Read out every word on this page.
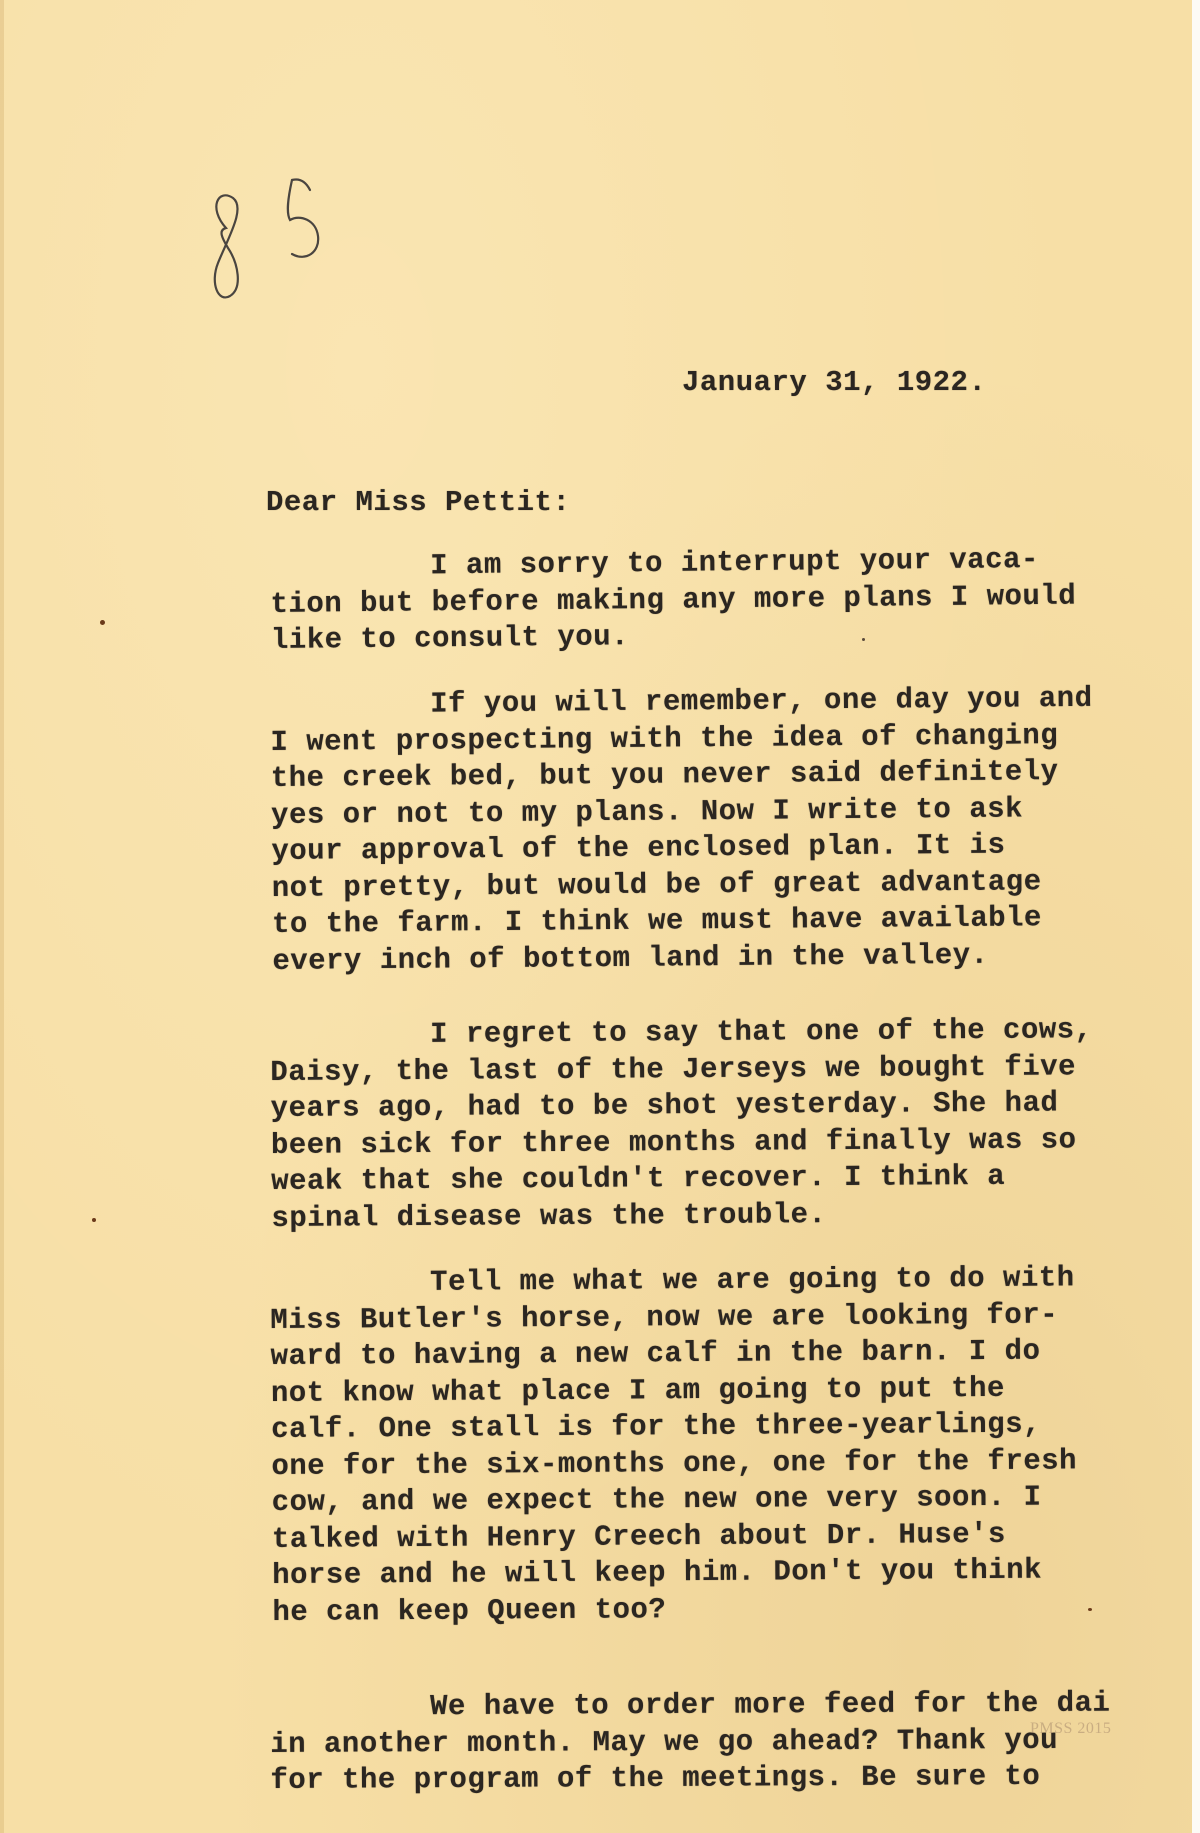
January 31, 1922.
Dear Miss Pettit:
I am sorry to interrupt your vaca-
tion but before making any more plans I would
like to consult you.
If you will remember, one day you and
I went prospecting with the idea of changing
the creek bed, but you never said definitely
yes or not to my plans. Now I write to ask
your approval of the enclosed plan. It is
not pretty, but would be of great advantage
to the farm. I think we must have available
every inch of bottom land in the valley.
I regret to say that one of the cows,
Daisy, the last of the Jerseys we bought five
years ago, had to be shot yesterday. She had
been sick for three months and finally was so
weak that she couldn't recover. I think a
spinal disease was the trouble.
Tell me what we are going to do with
Miss Butler's horse, now we are looking for-
ward to having a new calf in the barn. I do
not know what place I am going to put the
calf. One stall is for the three-yearlings,
one for the six-months one, one for the fresh
cow, and we expect the new one very soon. I
talked with Henry Creech about Dr. Huse's
horse and he will keep him. Don't you think
he can keep Queen too?
We have to order more feed for the dai
in another month. May we go ahead? Thank you
for the program of the meetings. Be sure to
PMSS 2015
